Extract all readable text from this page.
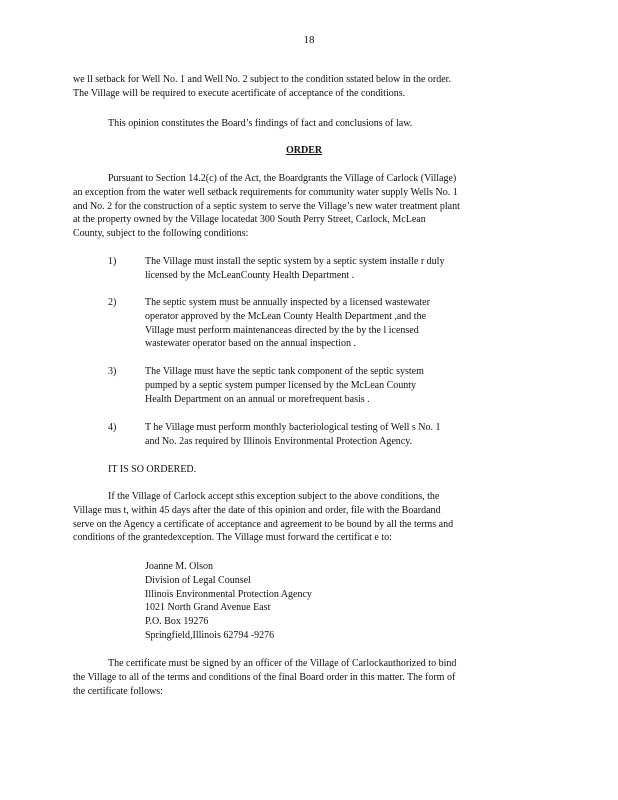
18

we ll setback for Well No. 1 and Well No. 2 subject to the condition sstated below in the order.
The Village will be required to execute acertificate of acceptance of the conditions.

This opinion constitutes the Board’s findings of fact and conclusions of law.
ORDER

Pursuant to Section 14.2(c) of the Act, the Boardgrants the Village of Carlock (Village)
an exception from the water well setback requirements for community water supply Wells No. 1
and No. 2 for the construction of a septic system to serve the Village’s new water treatment plant
at the property owned by the Village locatedat 300 South Perry Street, Carlock, McLean
County, subject to the following conditions:

1)	The Village must install the septic system by a septic system installe r duly
licensed by the McLeanCounty Health Department .
2)	The septic system must be annually inspected by a licensed wastewater
operator approved by the McLean County Health Department ,and the
Village must perform maintenanceas directed by the by the l icensed
wastewater operator based on the annual inspection .
3)	The Village must have the septic tank component of the septic system
pumped by a septic system pumper licensed by the McLean County
Health Department on an annual or morefrequent basis .
4)	T he Village must perform monthly bacteriological testing of Well s No. 1
and No. 2as required by Illinois Environmental Protection Agency.
IT IS SO ORDERED.

If the Village of Carlock accept sthis exception subject to the above conditions, the
Village mus t, within 45 days after the date of this opinion and order, file with the Boardand
serve on the Agency a certificate of acceptance and agreement to be bound by all the terms and
conditions of the grantedexception. The Village must forward the certificat e to:

Joanne M. Olson
Division of Legal Counsel
Illinois Environmental Protection Agency
1021 North Grand Avenue East
P.O. Box 19276
Springfield,Illinois 62794 -9276

The certificate must be signed by an officer of the Village of Carlockauthorized to bind
the Village to all of the terms and conditions of the final Board order in this matter. The form of
the certificate follows:
